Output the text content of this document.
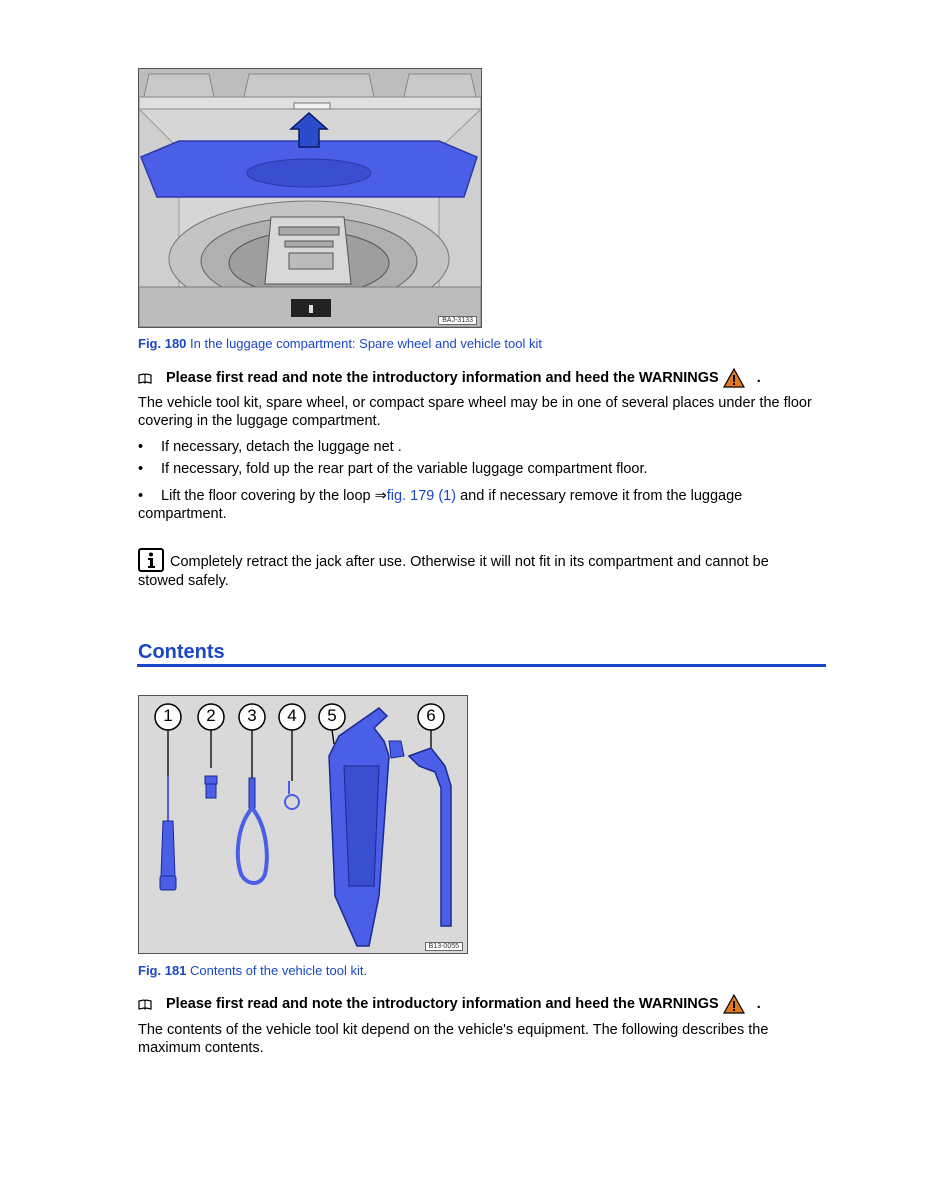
BAJ-3133
Fig. 180 In the luggage compartment: Spare wheel and vehicle tool kit
Please first read and note the introductory information and heed the WARNINGS	.
The vehicle tool kit, spare wheel, or compact spare wheel may be in one of several places under the floor covering in the luggage compartment.
• If necessary, detach the luggage net .
• If necessary, fold up the rear part of the variable luggage compartment floor.
• Lift the floor covering by the loop ⇒fig. 179 (1) and if necessary remove it from the luggage compartment.
Completely retract the jack after use. Otherwise it will not fit in its compartment and cannot be stowed safely.
Contents
1 2 3 4 5	6
B13-0055
Fig. 181 Contents of the vehicle tool kit.
Please first read and note the introductory information and heed the WARNINGS	.
The contents of the vehicle tool kit depend on the vehicle's equipment. The following describes the maximum contents.
